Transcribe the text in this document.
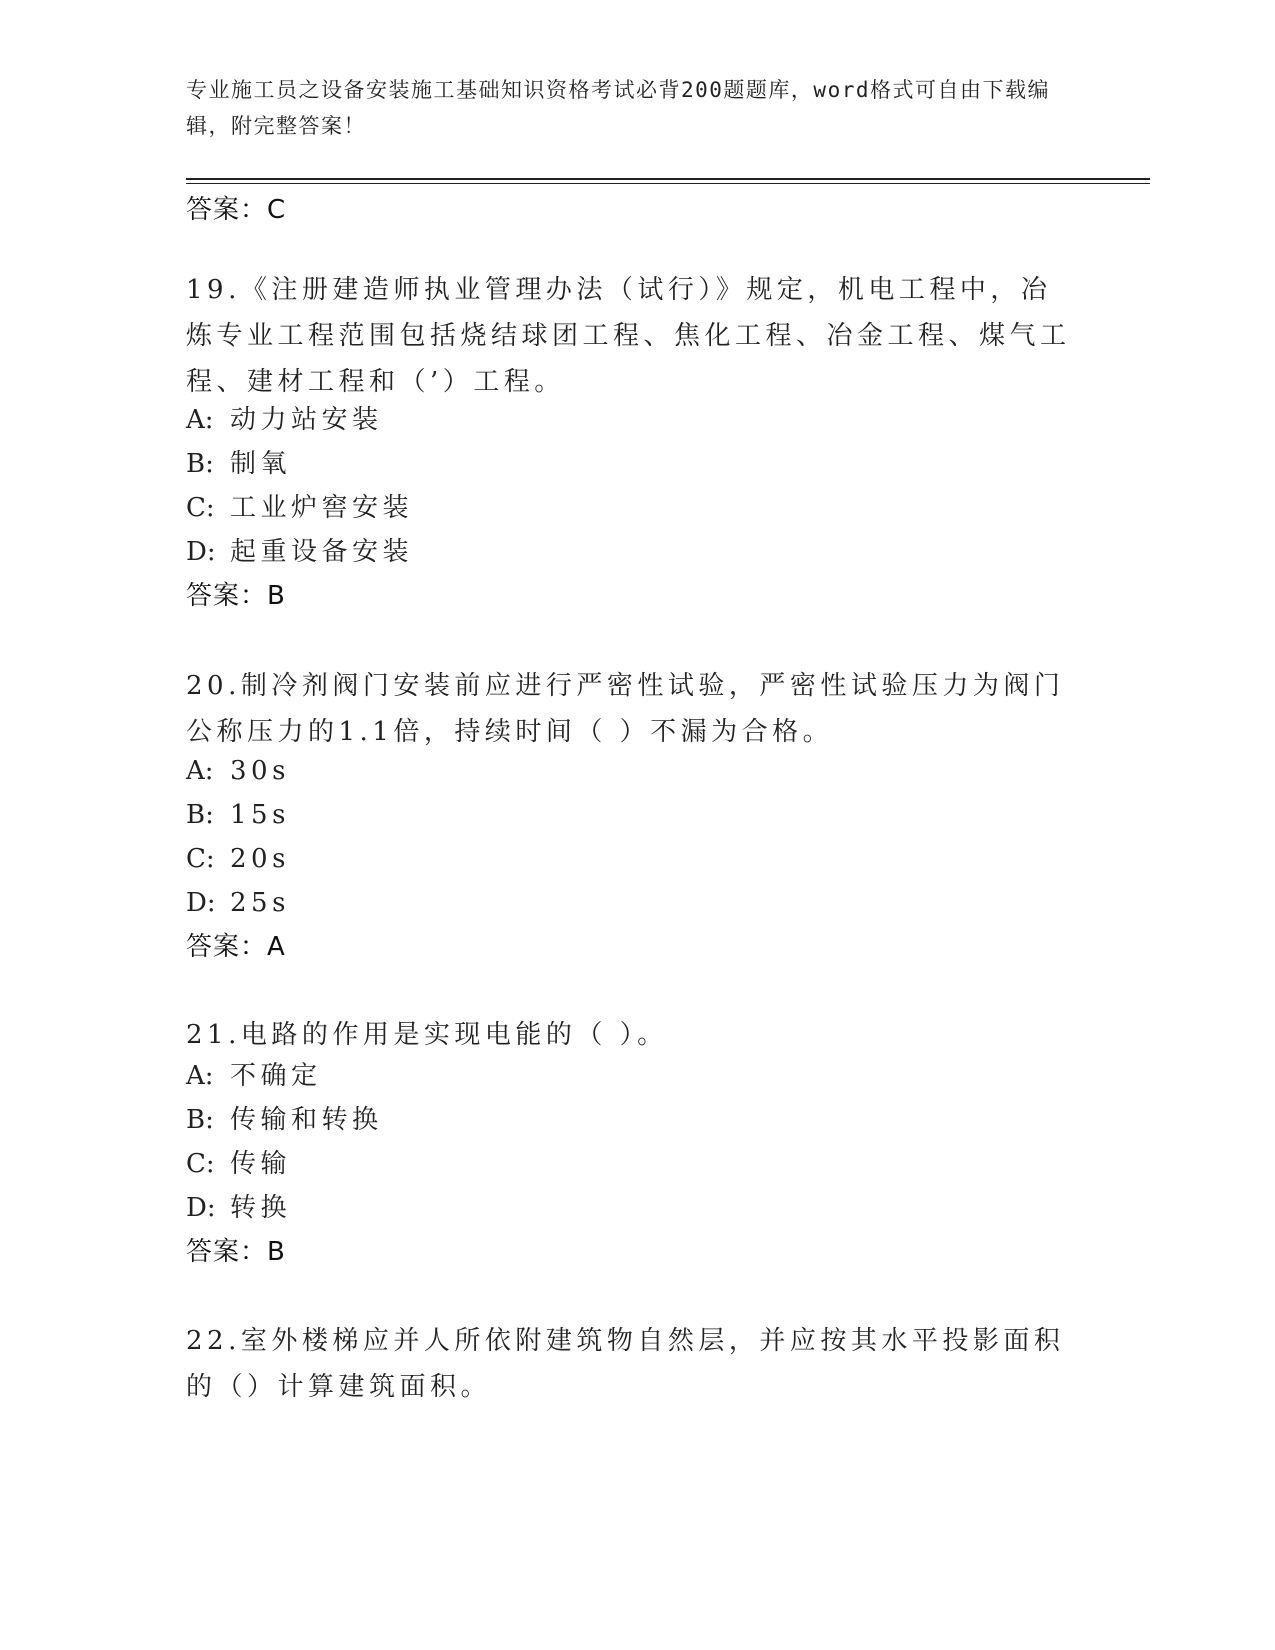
专业施工员之设备安装施工基础知识资格考试必背200题题库，word格式可自由下载编辑，附完整答案！
答案：C
19.《注册建造师执业管理办法（试行）》规定，机电工程中，冶炼专业工程范围包括烧结球团工程、焦化工程、冶金工程、煤气工程、建材工程和（’）工程。
A: 动力站安装
B: 制氧
C: 工业炉窖安装
D: 起重设备安装
答案：B
20.制冷剂阀门安装前应进行严密性试验，严密性试验压力为阀门公称压力的1.1倍，持续时间（ ）不漏为合格。
A: 30s
B: 15s
C: 20s
D: 25s
答案：A
21.电路的作用是实现电能的（ ）。
A: 不确定
B: 传输和转换
C: 传输
D: 转换
答案：B
22.室外楼梯应并人所依附建筑物自然层，并应按其水平投影面积的（）计算建筑面积。
